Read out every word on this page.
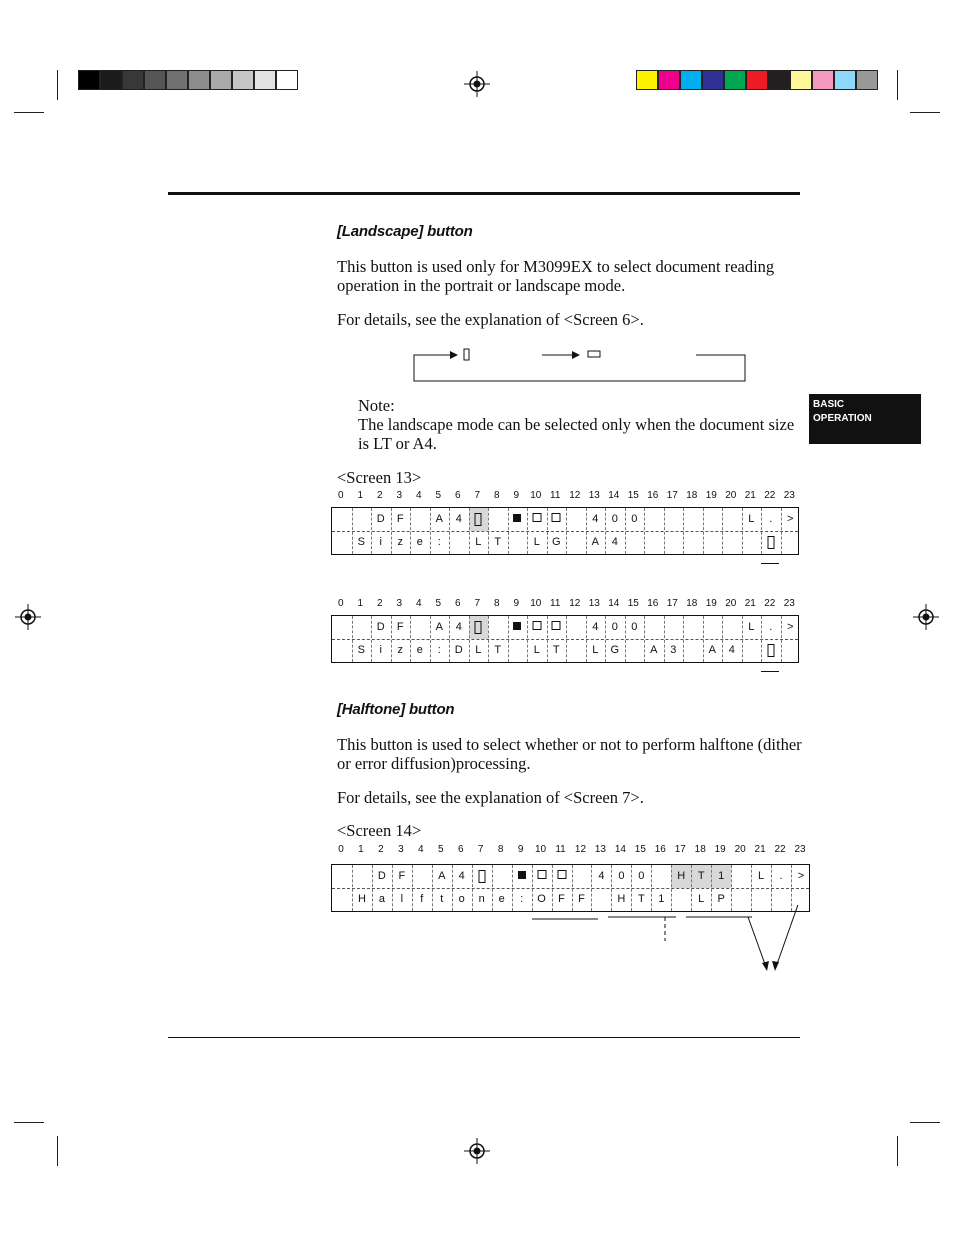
BASIC
OPERATION
[Landscape] button
This button is used only for M3099EX to select document reading operation in the portrait or landscape mode.
For details, see the explanation of <Screen 6>.
Note:
The landscape mode can be selected only when the document size is LT or A4.
<Screen 13>
0 1 2 3 4 5 6 7 8 9 10 11 12 13 14 15 16 17 18 19 20 21 22 23
D F	A 4	4 0 0	L . >
S i z e :	L T	L G	A 4
0 1 2 3 4 5 6 7 8 9 10 11 12 13 14 15 16 17 18 19 20 21 22 23
D F	A 4	4 0 0	L . >
S i z e : D L T	L T	L G	A 3	A 4
[Halftone] button
This button is used to select whether or not to perform halftone (dither or error diffusion)processing.
For details, see the explanation of <Screen 7>.
<Screen 14>
0 1 2 3 4 5 6 7 8 9 10 11 12 13 14 15 16 17 18 19 20 21 22 23
D F	A 4	4 0 0	H T 1	L . >
H a l f t o n e : O F F	H T 1	L P
